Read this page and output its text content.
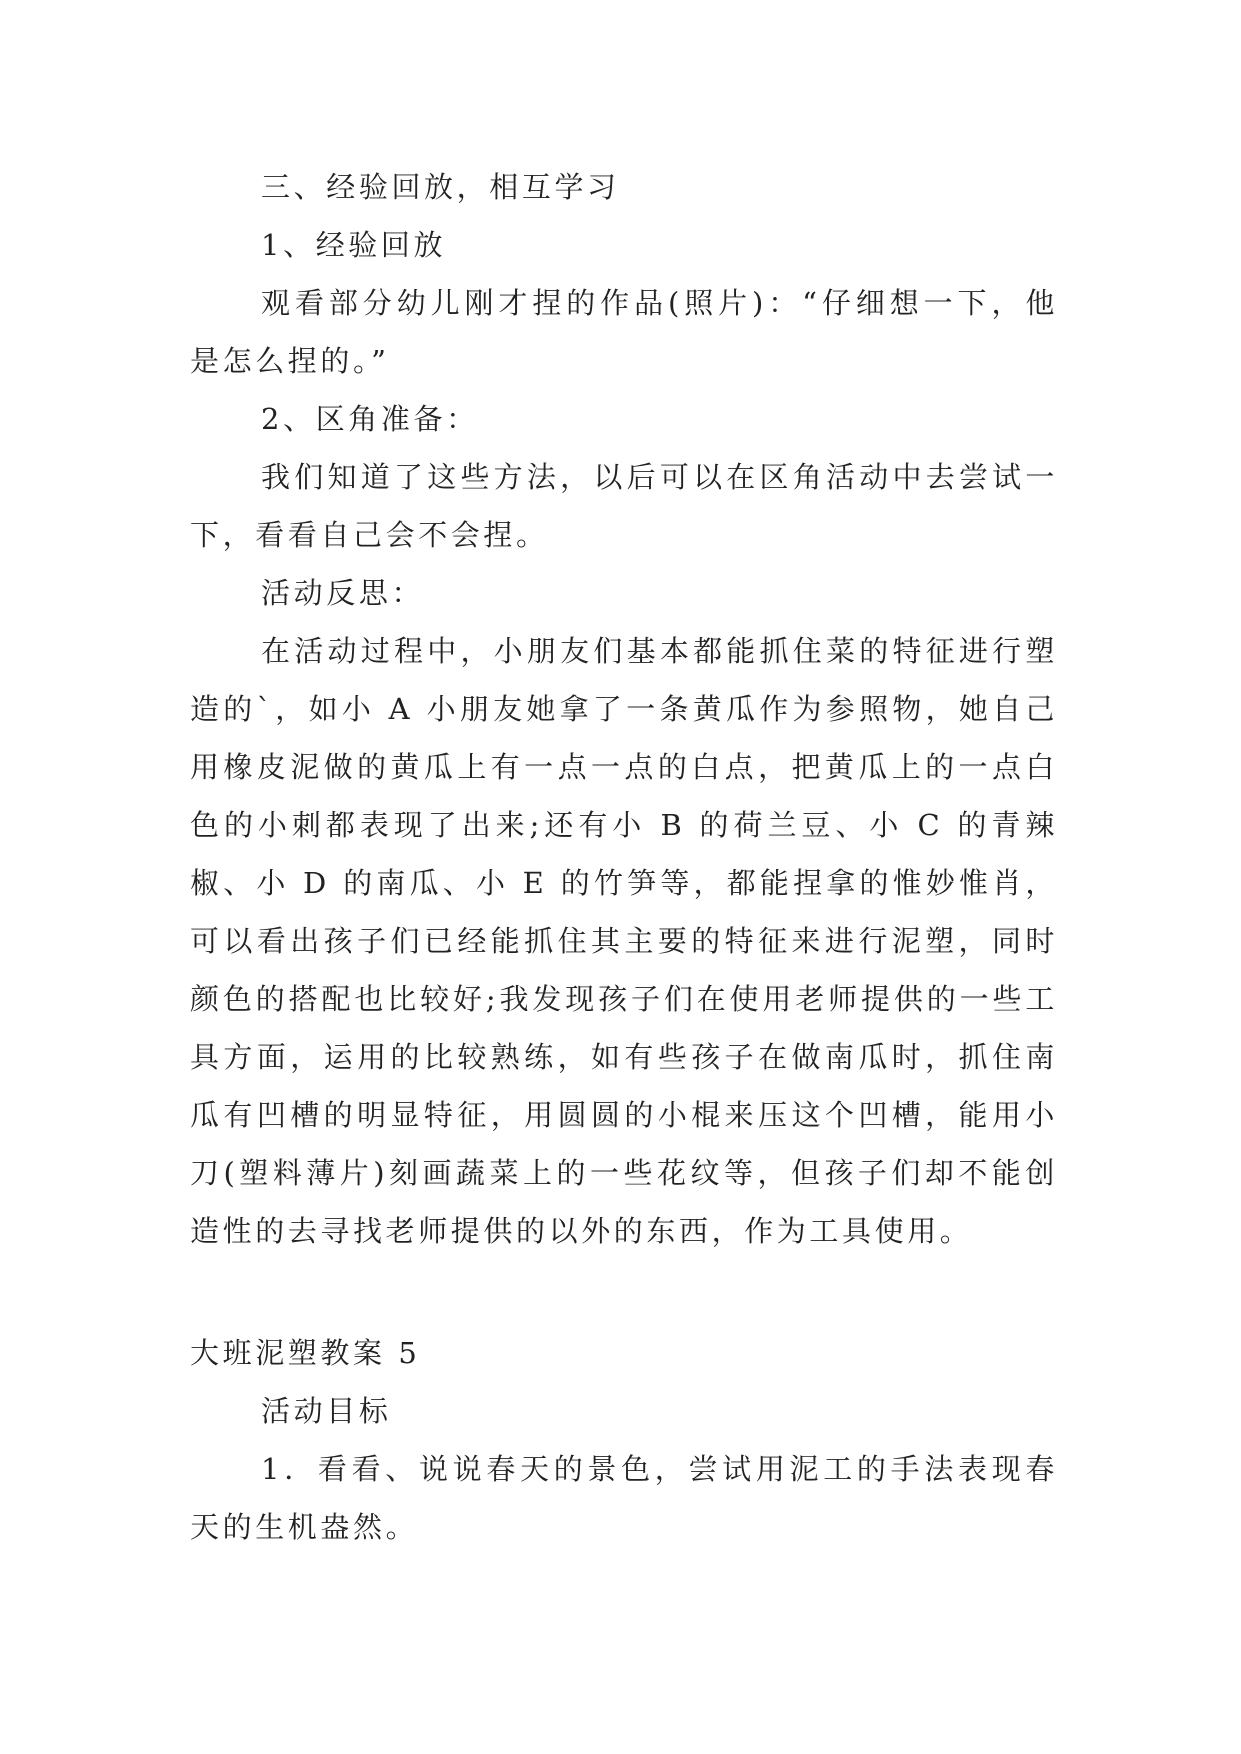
三、经验回放，相互学习

1、经验回放

观看部分幼儿刚才捏的作品(照片)：“仔细想一下，他是怎么捏的。”

2、区角准备：

我们知道了这些方法，以后可以在区角活动中去尝试一下，看看自己会不会捏。

活动反思：

在活动过程中，小朋友们基本都能抓住菜的特征进行塑造的`，如小 A 小朋友她拿了一条黄瓜作为参照物，她自己用橡皮泥做的黄瓜上有一点一点的白点，把黄瓜上的一点白色的小刺都表现了出来;还有小 B 的荷兰豆、小 C 的青辣椒、小 D 的南瓜、小 E 的竹笋等，都能捏拿的惟妙惟肖，可以看出孩子们已经能抓住其主要的特征来进行泥塑，同时颜色的搭配也比较好;我发现孩子们在使用老师提供的一些工具方面，运用的比较熟练，如有些孩子在做南瓜时，抓住南瓜有凹槽的明显特征，用圆圆的小棍来压这个凹槽，能用小刀(塑料薄片)刻画蔬菜上的一些花纹等，但孩子们却不能创造性的去寻找老师提供的以外的东西，作为工具使用。

大班泥塑教案 5

活动目标

1．看看、说说春天的景色，尝试用泥工的手法表现春天的生机盎然。
